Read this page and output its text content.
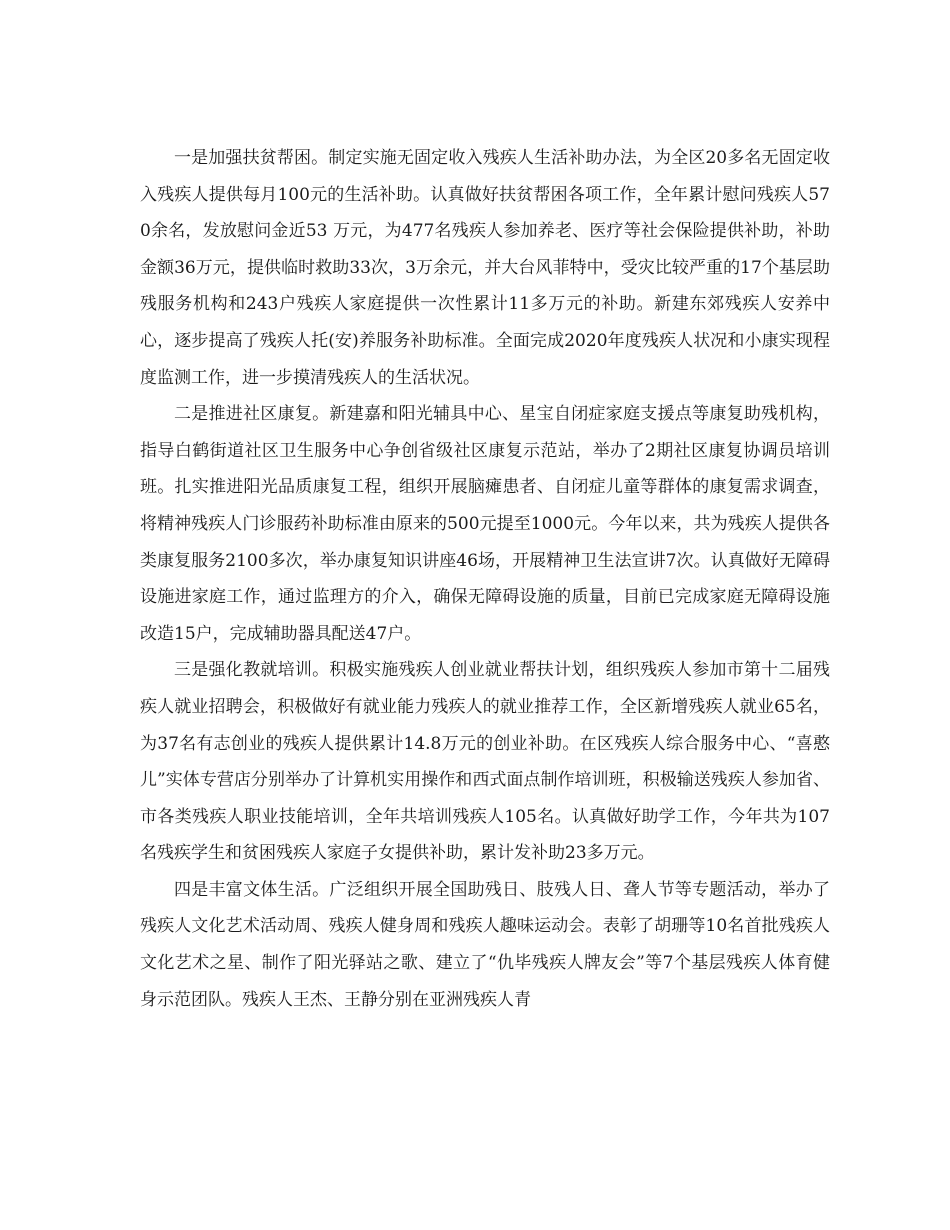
一是加强扶贫帮困。制定实施无固定收入残疾人生活补助办法，为全区20多名无固定收入残疾人提供每月100元的生活补助。认真做好扶贫帮困各项工作，全年累计慰问残疾人570余名，发放慰问金近53 万元，为477名残疾人参加养老、医疗等社会保险提供补助，补助金额36万元，提供临时救助33次，3万余元，并大台风菲特中，受灾比较严重的17个基层助残服务机构和243户残疾人家庭提供一次性累计11多万元的补助。新建东郊残疾人安养中心，逐步提高了残疾人托(安)养服务补助标准。全面完成2020年度残疾人状况和小康实现程度监测工作，进一步摸清残疾人的生活状况。

二是推进社区康复。新建嘉和阳光辅具中心、星宝自闭症家庭支援点等康复助残机构，指导白鹤街道社区卫生服务中心争创省级社区康复示范站，举办了2期社区康复协调员培训班。扎实推进阳光品质康复工程，组织开展脑瘫患者、自闭症儿童等群体的康复需求调查，将精神残疾人门诊服药补助标准由原来的500元提至1000元。今年以来，共为残疾人提供各类康复服务2100多次，举办康复知识讲座46场，开展精神卫生法宣讲7次。认真做好无障碍设施进家庭工作，通过监理方的介入，确保无障碍设施的质量，目前已完成家庭无障碍设施改造15户，完成辅助器具配送47户。

三是强化教就培训。积极实施残疾人创业就业帮扶计划，组织残疾人参加市第十二届残疾人就业招聘会，积极做好有就业能力残疾人的就业推荐工作，全区新增残疾人就业65名，为37名有志创业的残疾人提供累计14.8万元的创业补助。在区残疾人综合服务中心、“喜憨儿”实体专营店分别举办了计算机实用操作和西式面点制作培训班，积极输送残疾人参加省、市各类残疾人职业技能培训，全年共培训残疾人105名。认真做好助学工作，今年共为107名残疾学生和贫困残疾人家庭子女提供补助，累计发补助23多万元。

四是丰富文体生活。广泛组织开展全国助残日、肢残人日、聋人节等专题活动，举办了残疾人文化艺术活动周、残疾人健身周和残疾人趣味运动会。表彰了胡珊等10名首批残疾人文化艺术之星、制作了阳光驿站之歌、建立了“仇毕残疾人牌友会”等7个基层残疾人体育健身示范团队。残疾人王杰、王静分别在亚洲残疾人青
